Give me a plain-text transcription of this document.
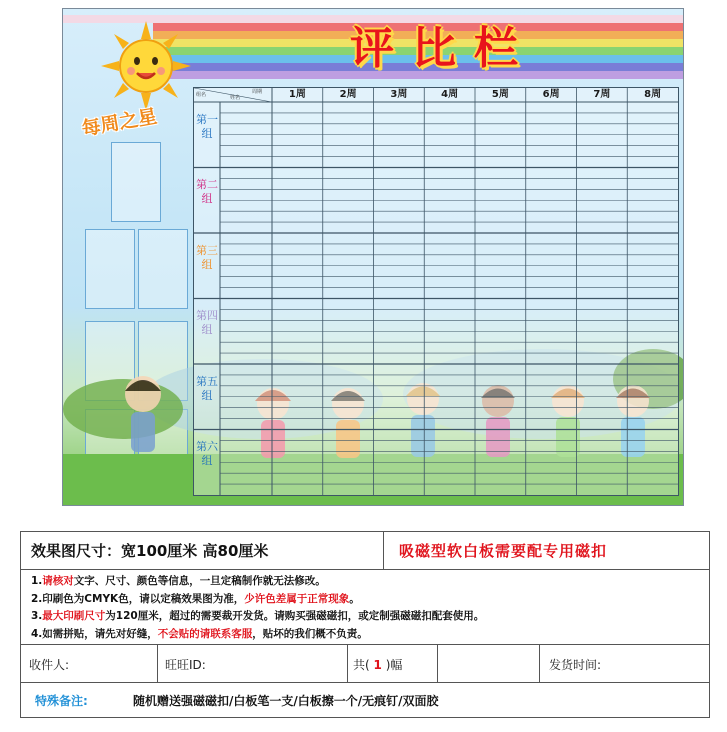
评比栏
每周之星
组名	姓名
周期	1周	2周	3周	4周	5周	6周	7周	8周
第一组
第二组
第三组
第四组
第五组
第六组
效果图尺寸：宽100厘米 高80厘米	吸磁型软白板需要配专用磁扣
1.请核对文字、尺寸、颜色等信息，一旦定稿制作就无法修改。
2.印刷色为CMYK色，请以定稿效果图为准，少许色差属于正常现象。
3.最大印刷尺寸为120厘米，超过的需要裁开发货。请购买强磁磁扣，或定制强磁磁扣配套使用。
4.如需拼贴，请先对好缝，不会贴的请联系客服，贴坏的我们概不负责。
收件人:	旺旺ID:	共( 1 )幅	发货时间:
特殊备注:	随机赠送强磁磁扣/白板笔一支/白板擦一个/无痕钉/双面胶
